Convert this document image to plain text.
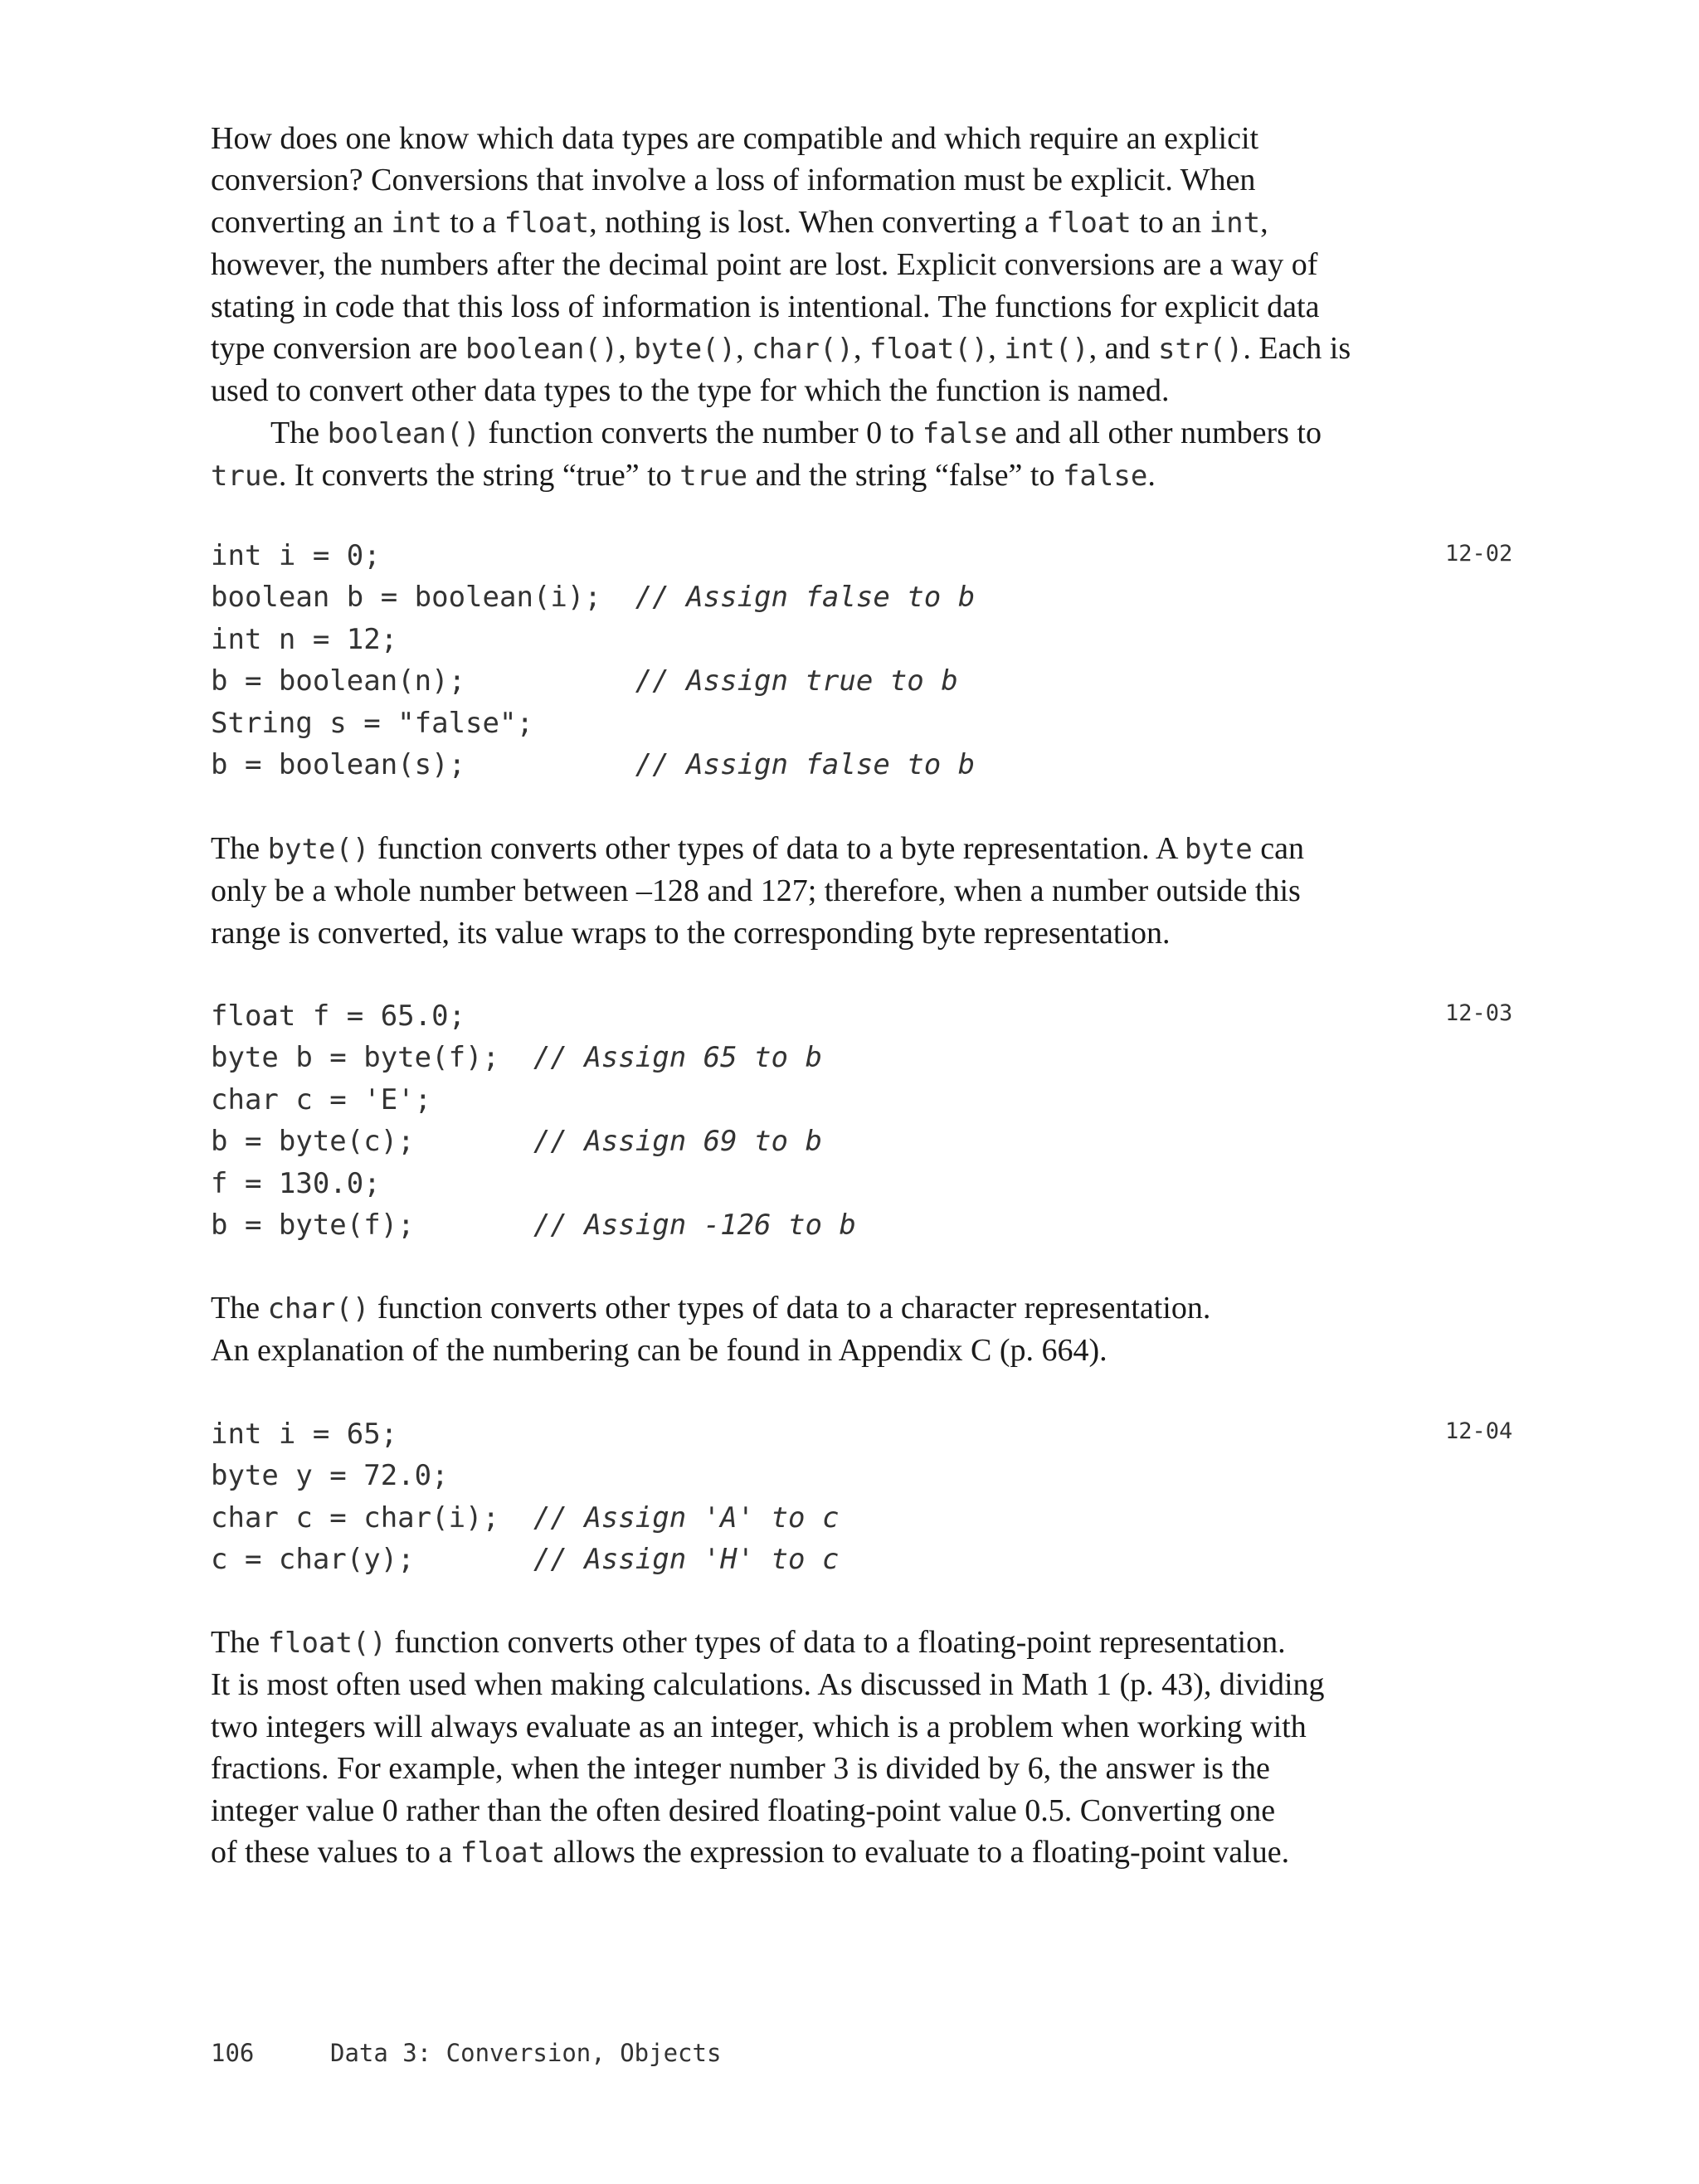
How does one know which data types are compatible and which require an explicit
conversion? Conversions that involve a loss of information must be explicit. When
converting an int to a float, nothing is lost. When converting a float to an int,
however, the numbers after the decimal point are lost. Explicit conversions are a way of
stating in code that this loss of information is intentional. The functions for explicit data
type conversion are boolean(), byte(), char(), float(), int(), and str(). Each is
used to convert other data types to the type for which the function is named.
The boolean() function converts the number 0 to false and all other numbers to
true. It converts the string “true” to true and the string “false” to false.
12-02
int i = 0;
boolean b = boolean(i); // Assign false to b
int n = 12;
b = boolean(n);	// Assign true to b
String s = "false";
b = boolean(s);	// Assign false to b
The byte() function converts other types of data to a byte representation. A byte can
only be a whole number between –128 and 127; therefore, when a number outside this
range is converted, its value wraps to the corresponding byte representation.
12-03
float f = 65.0;
byte b = byte(f); // Assign 65 to b
char c = 'E';
b = byte(c);	// Assign 69 to b
f = 130.0;
b = byte(f);	// Assign -126 to b
The char() function converts other types of data to a character representation.
An explanation of the numbering can be found in Appendix C (p. 664).
12-04
int i = 65;
byte y = 72.0;
char c = char(i); // Assign 'A' to c
c = char(y);	// Assign 'H' to c
The float() function converts other types of data to a floating-point representation.
It is most often used when making calculations. As discussed in Math 1 (p. 43), dividing
two integers will always evaluate as an integer, which is a problem when working with
fractions. For example, when the integer number 3 is divided by 6, the answer is the
integer value 0 rather than the often desired floating-point value 0.5. Converting one
of these values to a float allows the expression to evaluate to a floating-point value.
106	Data 3: Conversion, Objects
